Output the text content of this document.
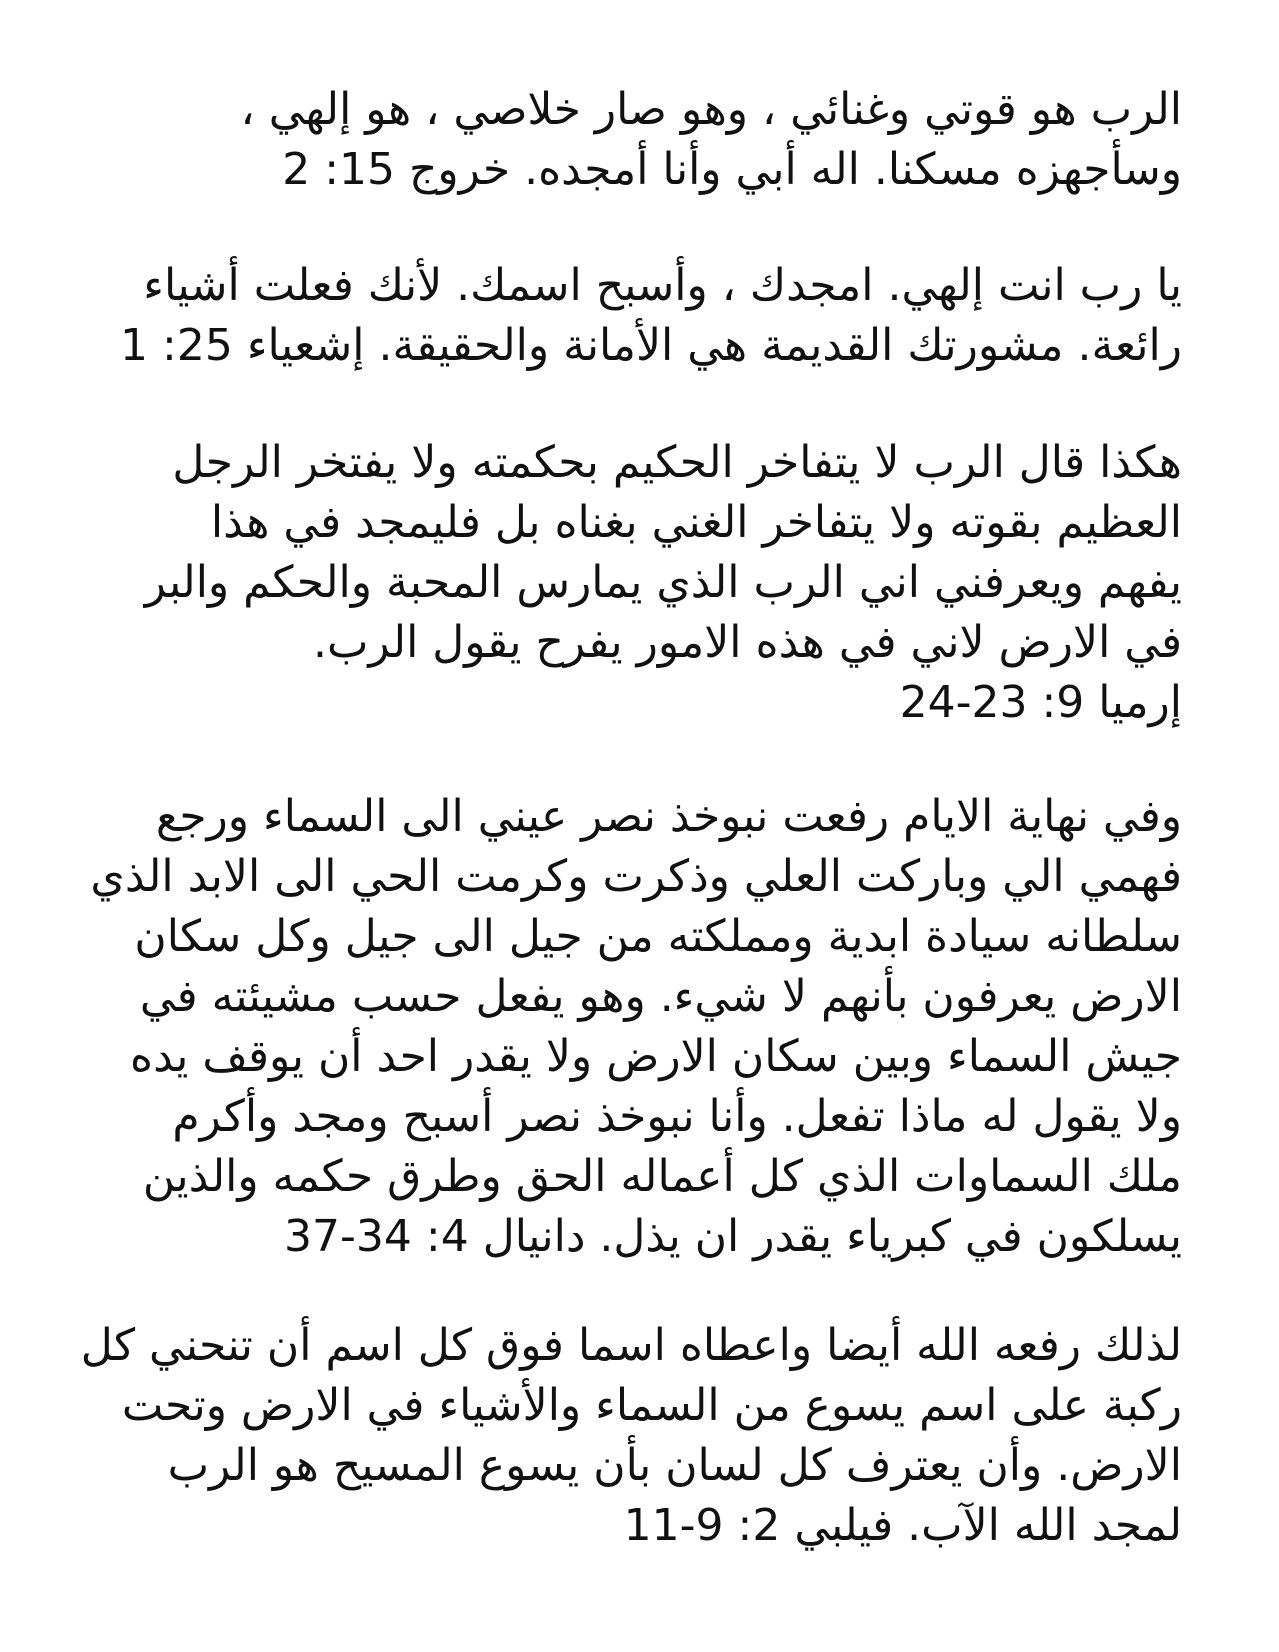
الرب هو قوتي وغنائي ، وهو صار خلاصي ، هو إلهي ،
وسأجهزه مسكنا. اله أبي وأنا أمجده. خروج 15: 2
يا رب انت إلهي. امجدك ، وأسبح اسمك. لأنك فعلت أشياء
رائعة. مشورتك القديمة هي الأمانة والحقيقة. إشعياء 25: 1
هكذا قال الرب لا يتفاخر الحكيم بحكمته ولا يفتخر الرجل
العظيم بقوته ولا يتفاخر الغني بغناه بل فليمجد في هذا
يفهم ويعرفني اني الرب الذي يمارس المحبة والحكم والبر
في الارض لاني في هذه الامور يفرح يقول الرب.
إرميا 9: 23-24
وفي نهاية الايام رفعت نبوخذ نصر عيني الى السماء ورجع
فهمي الي وباركت العلي وذكرت وكرمت الحي الى الابد الذي
سلطانه سيادة ابدية ومملكته من جيل الى جيل وكل سكان
الارض يعرفون بأنهم لا شيء. وهو يفعل حسب مشيئته في
جيش السماء وبين سكان الارض ولا يقدر احد أن يوقف يده
ولا يقول له ماذا تفعل. وأنا نبوخذ نصر أسبح ومجد وأكرم
ملك السماوات الذي كل أعماله الحق وطرق حكمه والذين
يسلكون في كبرياء يقدر ان يذل. دانيال 4: 34-37
لذلك رفعه الله أيضا واعطاه اسما فوق كل اسم أن تنحني كل
ركبة على اسم يسوع من السماء والأشياء في الارض وتحت
الارض. وأن يعترف كل لسان بأن يسوع المسيح هو الرب
لمجد الله الآب. فيلبي 2: 9-11
